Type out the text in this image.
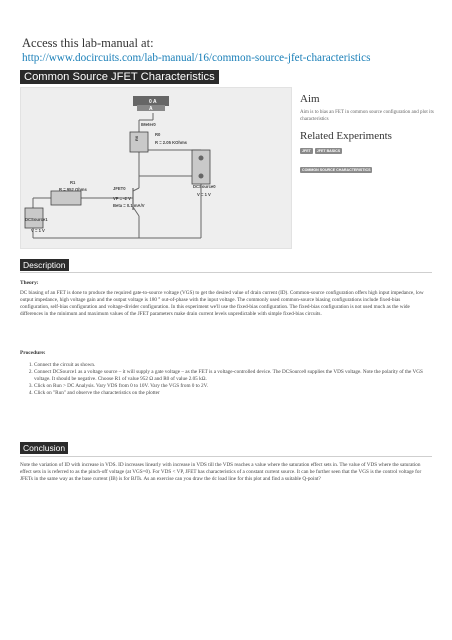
Access this lab-manual at:
http://www.docircuits.com/lab-manual/16/common-source-jfet-characteristics
Common Source JFET Characteristics
0 A
A
IMeter0
R0
R0
R = 2.05 KOhms
DCSource0
V = 1 V
JFET0
VP = -2 V
Beta = 0.1 mA/V
R1
R = 952 Ohms
DCSource1
V = 1 V
Aim
Aim is to bias an FET in common source configuration and plot its characteristics
Related Experiments
JFET	JFET BASICS
COMMON SOURCE CHARACTERISTICS
Description
Theory:
DC biasing of an FET is done to produce the required gate-to-source voltage (VGS) to get the desired value of drain current (ID). Common-source configuration offers high input impedance, low output impedance, high voltage gain and the output voltage is 180 ° out-of-phase with the input voltage. The commonly used common-source biasing configurations include fixed-bias configuration, self-bias configuration and voltage-divider configuration. In this experiment we'll use the fixed-bias configuration. The fixed-bias configuration is not used much as the wide differences in the minimum and maximum values of the JFET parameters make drain current levels unpredictable with simple fixed-bias circuits.
Procedure:
1. Connect the circuit as shown.
2. Connect DCSource1 as a voltage source – it will supply a gate voltage – as the FET is a voltage-controlled device. The DCSource0 supplies the VDS voltage. Note the polarity of the VGS voltage. It should be negative. Choose R1 of value 952 Ω and R0 of value 2.05 kΩ.
3. Click on Run > DC Analysis. Vary VDS from 0 to 10V. Vary the VGS from 0 to 2V.
4. Click on "Run" and observe the characteristics on the plotter
Conclusion
Note the variation of ID with increase in VDS. ID increases linearly with increase in VDS till the VDS reaches a value where the saturation effect sets in. The value of VDS where the saturation effect sets in is referred to as the pinch-off voltage (at VGS=0). For VDS < VP, JFET has characteristics of a constant current source. It can be further seen that the VGS is the control voltage for JFETs in the same way as the base current (IB) is for BJTs. As an exercise can you draw the dc load line for this plot and find a suitable Q-point?
